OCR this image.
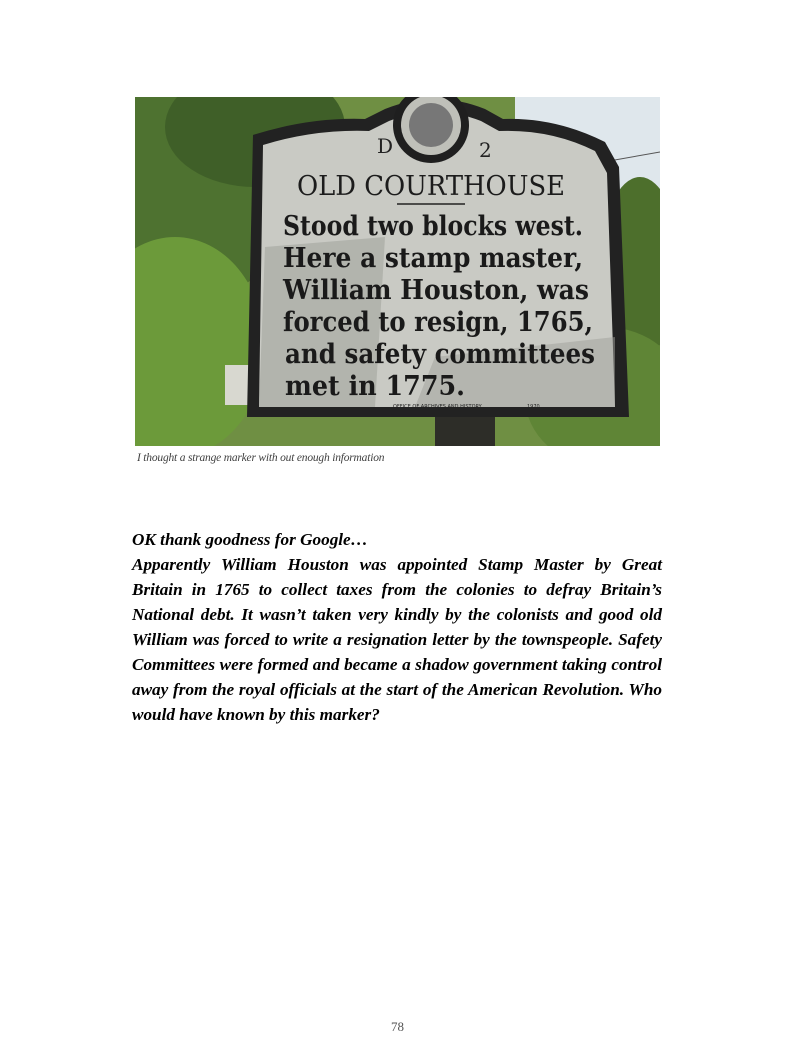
D	2
OLD COURTHOUSE
Stood two blocks west.
Here a stamp master,
William Houston, was
forced to resign, 1765,
and safety committees
met in 1775.
OFFICE OF ARCHIVES AND HISTORY	1970
I thought a strange marker with out enough information
OK thank goodness for Google…
Apparently William Houston was appointed Stamp Master by Great Britain in 1765 to collect taxes from the colonies to defray Britain’s National debt. It wasn’t taken very kindly by the colonists and good old William was forced to write a resignation letter by the townspeople. Safety Committees were formed and became a shadow government taking control away from the royal officials at the start of the American Revolution. Who would have known by this marker?
78
